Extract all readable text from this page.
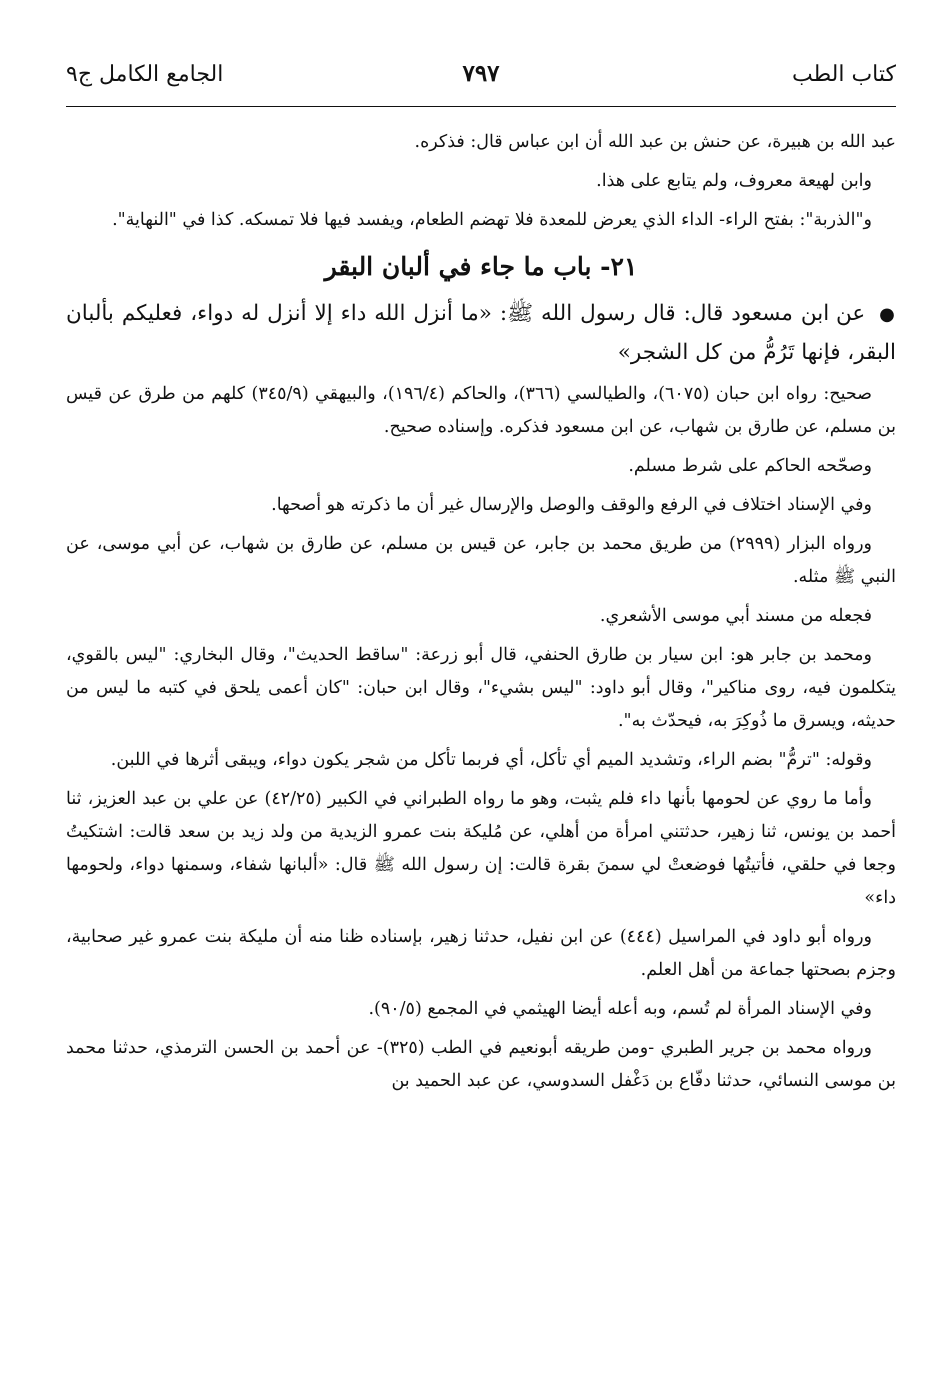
كتاب الطب
٧٩٧
الجامع الكامل ج٩

عبد الله بن هبيرة، عن حنش بن عبد الله أن ابن عباس قال: فذكره.

وابن لهيعة معروف، ولم يتابع على هذا.

و"الذربة": بفتح الراء- الداء الذي يعرض للمعدة فلا تهضم الطعام، ويفسد فيها فلا تمسكه. كذا في "النهاية".

٢١- باب ما جاء في ألبان البقر

● عن ابن مسعود قال: قال رسول الله ﷺ: «ما أنزل الله داء إلا أنزل له دواء، فعليكم بألبان البقر، فإنها تَرُمُّ من كل الشجر»

صحيح: رواه ابن حبان (٦٠٧٥)، والطيالسي (٣٦٦)، والحاكم (١٩٦/٤)، والبيهقي (٣٤٥/٩) كلهم من طرق عن قيس بن مسلم، عن طارق بن شهاب، عن ابن مسعود فذكره. وإسناده صحيح.

وصحّحه الحاكم على شرط مسلم.

وفي الإسناد اختلاف في الرفع والوقف والوصل والإرسال غير أن ما ذكرته هو أصحها.

ورواه البزار (٢٩٩٩) من طريق محمد بن جابر، عن قيس بن مسلم، عن طارق بن شهاب، عن أبي موسى، عن النبي ﷺ مثله.

فجعله من مسند أبي موسى الأشعري.

ومحمد بن جابر هو: ابن سيار بن طارق الحنفي، قال أبو زرعة: "ساقط الحديث"، وقال البخاري: "ليس بالقوي، يتكلمون فيه، روى مناكير"، وقال أبو داود: "ليس بشيء"، وقال ابن حبان: "كان أعمى يلحق في كتبه ما ليس من حديثه، ويسرق ما ذُوكِرَ به، فيحدّث به".

وقوله: "ترمُّ" بضم الراء، وتشديد الميم أي تأكل، أي فربما تأكل من شجر يكون دواء، ويبقى أثرها في اللبن.

وأما ما روي عن لحومها بأنها داء فلم يثبت، وهو ما رواه الطبراني في الكبير (٤٢/٢٥) عن علي بن عبد العزيز، ثنا أحمد بن يونس، ثنا زهير، حدثتني امرأة من أهلي، عن مُليكة بنت عمرو الزيدية من ولد زيد بن سعد قالت: اشتكيتُ وجعا في حلقي، فأتيتُها فوضعتْ لي سمنَ بقرة قالت: إن رسول الله ﷺ قال: «ألبانها شفاء، وسمنها دواء، ولحومها داء»

ورواه أبو داود في المراسيل (٤٤٤) عن ابن نفيل، حدثنا زهير، بإسناده ظنا منه أن مليكة بنت عمرو غير صحابية، وجزم بصحتها جماعة من أهل العلم.

وفي الإسناد المرأة لم تُسم، وبه أعله أيضا الهيثمي في المجمع (٩٠/٥).

ورواه محمد بن جرير الطبري -ومن طريقه أبونعيم في الطب (٣٢٥)- عن أحمد بن الحسن الترمذي، حدثنا محمد بن موسى النسائي، حدثنا دفّاع بن دَغْفل السدوسي، عن عبد الحميد بن
